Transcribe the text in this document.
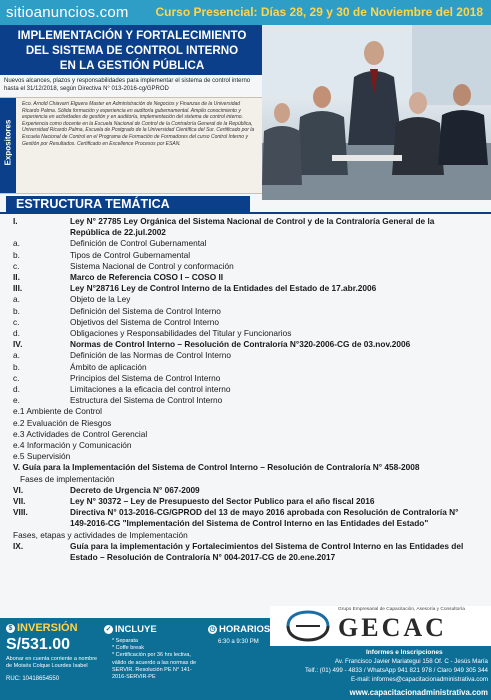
sitioanuncios.com Curso Presencial: Días 28, 29 y 30 de Noviembre del 2018
IMPLEMENTACIÓN Y FORTALECIMIENTO
DEL SISTEMA DE CONTROL INTERNO
EN LA GESTIÓN PÚBLICA
Nuevos alcances, plazos y responsabilidades para implementar el sistema de control interno hasta el 31/12/2018, según Directiva N° 013-2016-cg/GPROD
Expositores
Eco. Arnold Chiavarri Elguera Master en Administración de Negocios y Finanzas de la Universidad Ricardo Palma. Sólida formación y experiencia en auditoría gubernamental. Amplio conocimiento y experiencia en actividades de gestión y en auditoría, implementación del sistema de control interno. Experiencia como docente en la Escuela Nacional de Control de la Contraloría General de la República, Universidad Ricardo Palma, Escuela de Postgrado de la Universidad Científica del Sur. Certificado por la Escuela Nacional de Control en el Programa de Formación de Formadores del curso Control Interno y Gestión por Resultados. Certificado en Excellence Procesos por ESAN.
ESTRUCTURA TEMÁTICA
I.	Ley N° 27785 Ley Orgánica del Sistema Nacional de Control y de la Contraloría General de la República de 22.jul.2002
a.	Definición de Control Gubernamental
b.	Tipos de Control Gubernamental
c.	Sistema Nacional de Control y conformación
II.	Marco de Referencia COSO I – COSO II
III.	Ley N°28716 Ley de Control Interno de la Entidades del Estado de 17.abr.2006
a.	Objeto de la Ley
b.	Definición del Sistema de Control Interno
c.	Objetivos del Sistema de Control Interno
d.	Obligaciones y Responsabilidades del Titular y Funcionarios
IV.	Normas de Control Interno – Resolución de Contraloría N°320-2006-CG de 03.nov.2006
a.	Definición de las Normas de Control Interno
b.	Ámbito de aplicación
c.	Principios del Sistema de Control Interno
d.	Limitaciones a la eficacia del control interno
e.	Estructura del Sistema de Control Interno
e.1 Ambiente de Control
e.2 Evaluación de Riesgos
e.3 Actividades de Control Gerencial
e.4 Información y Comunicación
e.5 Supervisión
V. Guía para la Implementación del Sistema de Control Interno – Resolución de Contraloría N° 458-2008
Fases de implementación
VI.	Decreto de Urgencia N° 067-2009
VII.	Ley N° 30372 – Ley de Presupuesto del Sector Publico para el año fiscal 2016
VIII.	Directiva N° 013-2016-CG/GPROD del 13 de mayo 2016 aprobada con Resolución de Contraloría N° 149-2016-CG "Implementación del Sistema de Control Interno en las Entidades del Estado"
Fases, etapas y actividades de Implementación
IX.	Guía para la implementación y Fortalecimientos del Sistema de Control Interno en las Entidades del Estado – Resolución de Contraloría N° 004-2017-CG de 20.ene.2017
Grupo Empresarial de Capacitación, Asesoría y Consultoría
GECAC
$ INVERSIÓN
S/531.00
Abonar en cuenta corriente a nombre de Moisés Colque Lourdes Isabel
RUC: 10418654550
✓ INCLUYE
* Separata
* Coffe break
* Certificación por 36 hrs lectiva, válido de acuerdo a las normas de SERVIR. Resolución PE N° 141-2016-SERVIR-PE
◷ HORARIOS
6:30 a 9:30 PM
Informes e Inscripciones
Av. Francisco Javier Mariategui 158 Of. C - Jesús María
Telf.: (01) 499 - 4833 / WhatsApp 941 821 978 / Claro 949 305 344
E-mail: informes@capacitacionadministrativa.com
www.capacitacionadministrativa.com
